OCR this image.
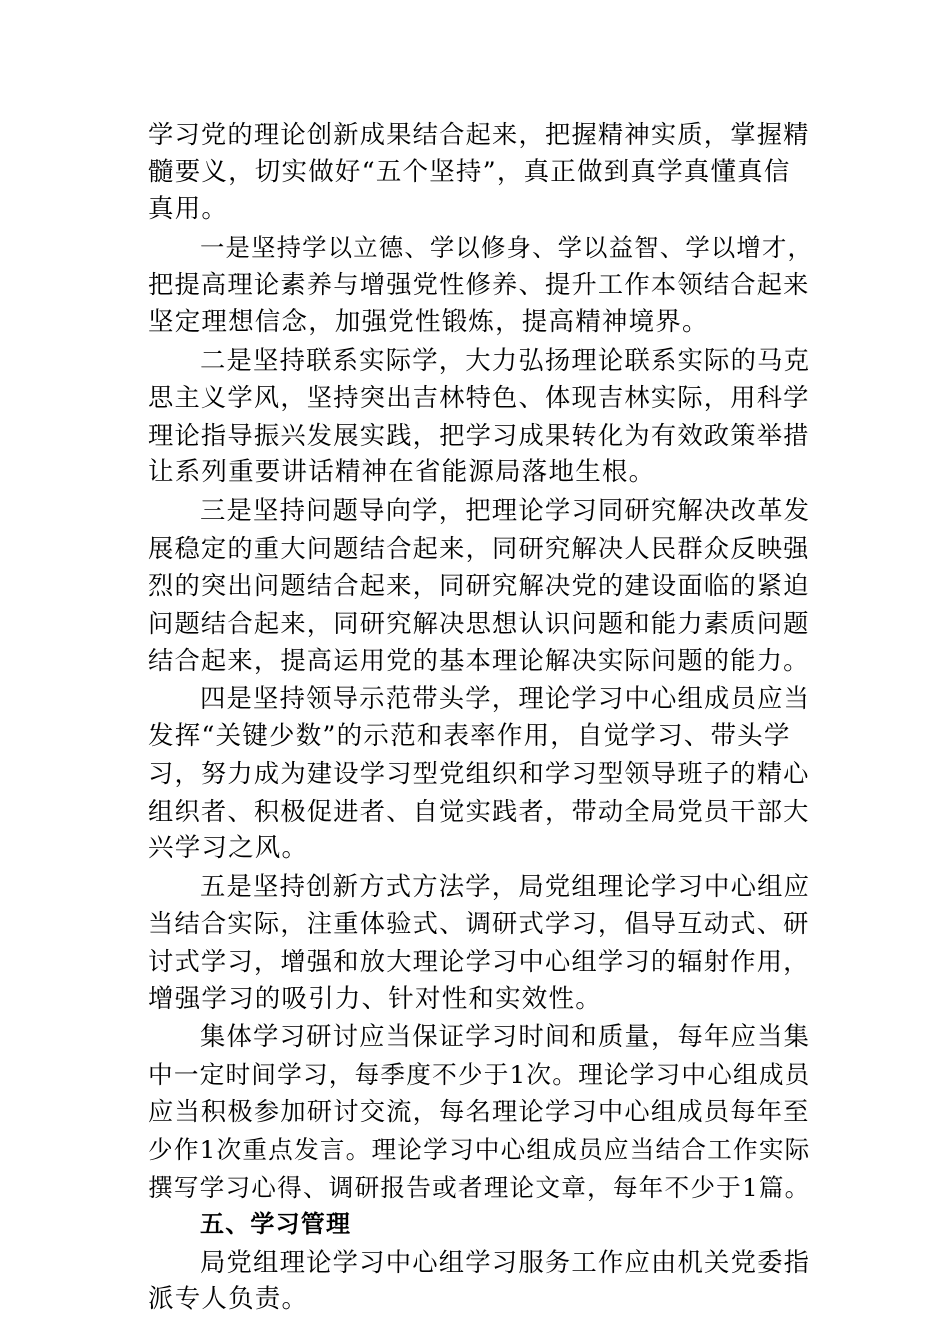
学习党的理论创新成果结合起来，把握精神实质，掌握精
髓要义，切实做好“五个坚持”，真正做到真学真懂真信
真用。
一是坚持学以立德、学以修身、学以益智、学以增才，
把提高理论素养与增强党性修养、提升工作本领结合起来
坚定理想信念，加强党性锻炼，提高精神境界。
二是坚持联系实际学，大力弘扬理论联系实际的马克
思主义学风，坚持突出吉林特色、体现吉林实际，用科学
理论指导振兴发展实践，把学习成果转化为有效政策举措
让系列重要讲话精神在省能源局落地生根。
三是坚持问题导向学，把理论学习同研究解决改革发
展稳定的重大问题结合起来，同研究解决人民群众反映强
烈的突出问题结合起来，同研究解决党的建设面临的紧迫
问题结合起来，同研究解决思想认识问题和能力素质问题
结合起来，提高运用党的基本理论解决实际问题的能力。
四是坚持领导示范带头学，理论学习中心组成员应当
发挥“关键少数”的示范和表率作用，自觉学习、带头学
习，努力成为建设学习型党组织和学习型领导班子的精心
组织者、积极促进者、自觉实践者，带动全局党员干部大
兴学习之风。
五是坚持创新方式方法学，局党组理论学习中心组应
当结合实际，注重体验式、调研式学习，倡导互动式、研
讨式学习，增强和放大理论学习中心组学习的辐射作用，
增强学习的吸引力、针对性和实效性。
集体学习研讨应当保证学习时间和质量，每年应当集
中一定时间学习，每季度不少于1次。理论学习中心组成员
应当积极参加研讨交流，每名理论学习中心组成员每年至
少作1次重点发言。理论学习中心组成员应当结合工作实际
撰写学习心得、调研报告或者理论文章，每年不少于1篇。
五、学习管理
局党组理论学习中心组学习服务工作应由机关党委指
派专人负责。
